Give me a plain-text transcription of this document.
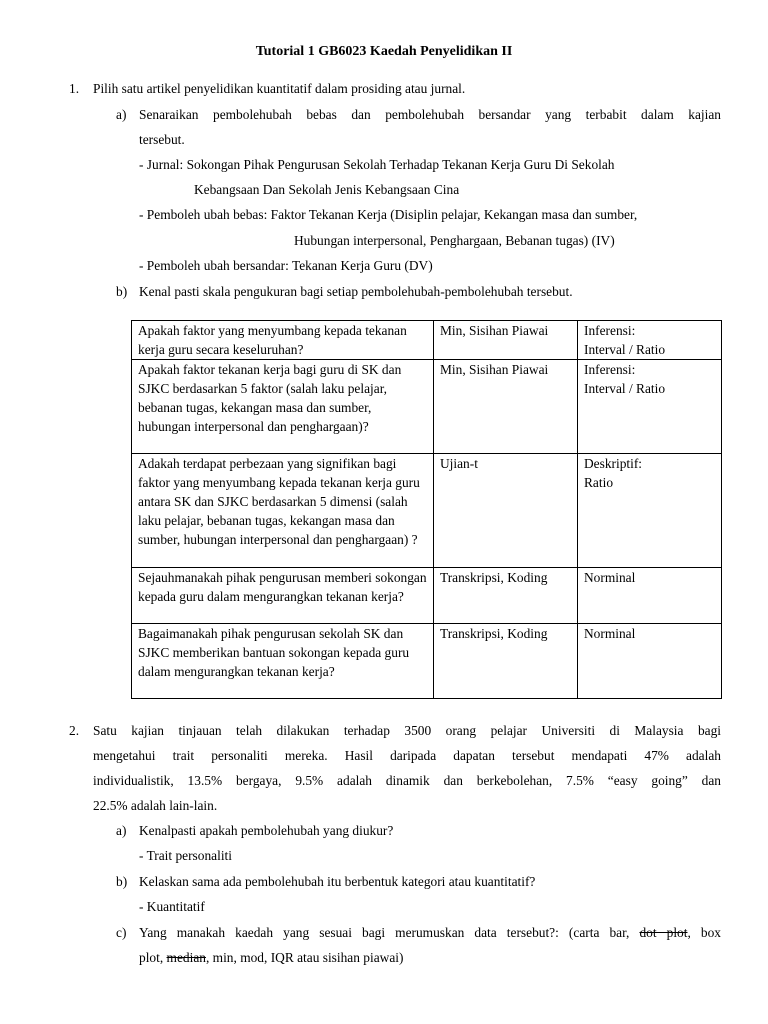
Tutorial 1 GB6023 Kaedah Penyelidikan II
1. Pilih satu artikel penyelidikan kuantitatif dalam prosiding atau jurnal.
a) Senaraikan pembolehubah bebas dan pembolehubah bersandar yang terbabit dalam kajian
tersebut.
- Jurnal: Sokongan Pihak Pengurusan Sekolah Terhadap Tekanan Kerja Guru Di Sekolah
Kebangsaan Dan Sekolah Jenis Kebangsaan Cina
- Pemboleh ubah bebas: Faktor Tekanan Kerja (Disiplin pelajar, Kekangan masa dan sumber,
Hubungan interpersonal, Penghargaan, Bebanan tugas) (IV)
- Pemboleh ubah bersandar: Tekanan Kerja Guru (DV)
b) Kenal pasti skala pengukuran bagi setiap pembolehubah-pembolehubah tersebut.
Apakah faktor yang menyumbang kepada tekanan kerja guru secara keseluruhan?	Min, Sisihan Piawai	Inferensi:
Interval / Ratio

Apakah faktor tekanan kerja bagi guru di SK dan SJKC berdasarkan 5 faktor (salah laku pelajar, bebanan tugas, kekangan masa dan sumber, hubungan interpersonal dan penghargaan)?	Min, Sisihan Piawai	Inferensi:
Interval / Ratio

Adakah terdapat perbezaan yang signifikan bagi faktor yang menyumbang kepada tekanan kerja guru antara SK dan SJKC berdasarkan 5 dimensi (salah laku pelajar, bebanan tugas, kekangan masa dan sumber, hubungan interpersonal dan penghargaan) ?	Ujian-t	Deskriptif:
Ratio

Sejauhmanakah pihak pengurusan memberi sokongan kepada guru dalam mengurangkan tekanan kerja?	Transkripsi, Koding	Norminal

Bagaimanakah pihak pengurusan sekolah SK dan SJKC memberikan bantuan sokongan kepada guru dalam mengurangkan tekanan kerja?	Transkripsi, Koding	Norminal
2. Satu kajian tinjauan telah dilakukan terhadap 3500 orang pelajar Universiti di Malaysia bagi
mengetahui trait personaliti mereka. Hasil daripada dapatan tersebut mendapati 47% adalah
individualistik, 13.5% bergaya, 9.5% adalah dinamik dan berkebolehan, 7.5% “easy going” dan
22.5% adalah lain-lain.
a) Kenalpasti apakah pembolehubah yang diukur?
- Trait personaliti
b) Kelaskan sama ada pembolehubah itu berbentuk kategori atau kuantitatif?
- Kuantitatif
c) Yang manakah kaedah yang sesuai bagi merumuskan data tersebut?: (carta bar, dot plot, box
plot, median, min, mod, IQR atau sisihan piawai)
